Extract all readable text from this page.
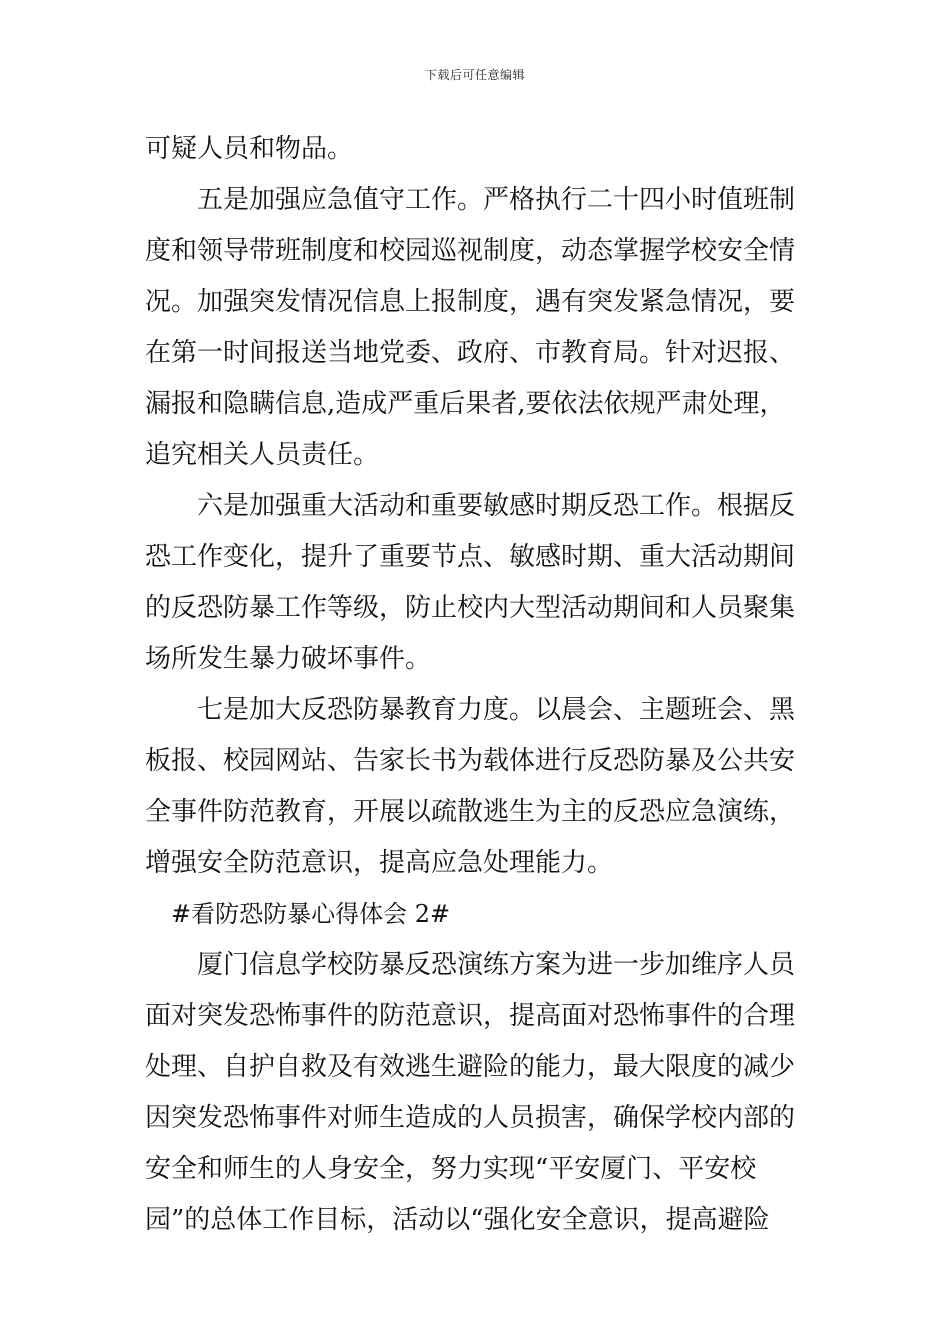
下载后可任意编辑
可疑人员和物品。
五是加强应急值守工作。严格执行二十四小时值班制
度和领导带班制度和校园巡视制度，动态掌握学校安全情
况。加强突发情况信息上报制度，遇有突发紧急情况，要
在第一时间报送当地党委、政府、市教育局。针对迟报、
漏报和隐瞒信息,造成严重后果者,要依法依规严肃处理，
追究相关人员责任。
六是加强重大活动和重要敏感时期反恐工作。根据反
恐工作变化，提升了重要节点、敏感时期、重大活动期间
的反恐防暴工作等级，防止校内大型活动期间和人员聚集
场所发生暴力破坏事件。
七是加大反恐防暴教育力度。以晨会、主题班会、黑
板报、校园网站、告家长书为载体进行反恐防暴及公共安
全事件防范教育，开展以疏散逃生为主的反恐应急演练，
增强安全防范意识，提高应急处理能力。
#看防恐防暴心得体会 2#
厦门信息学校防暴反恐演练方案为进一步加维序人员
面对突发恐怖事件的防范意识，提高面对恐怖事件的合理
处理、自护自救及有效逃生避险的能力，最大限度的减少
因突发恐怖事件对师生造成的人员损害，确保学校内部的
安全和师生的人身安全，努力实现“平安厦门、平安校
园”的总体工作目标，活动以“强化安全意识，提高避险
